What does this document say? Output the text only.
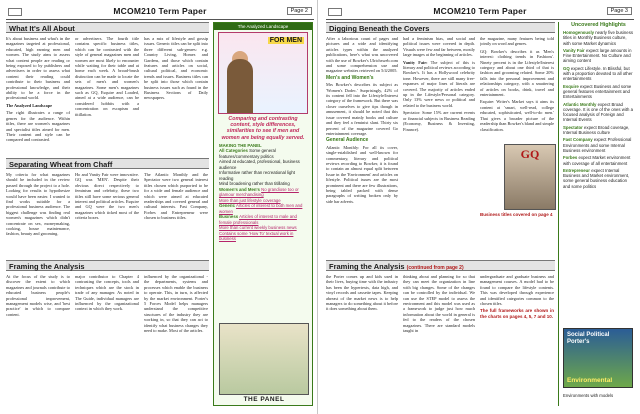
MCOM210 Term Paper	Page 2
What It's All About

It's about business and what's in the magazines targeted at professional, educated, high earning men and women. The study aims to assess what content people are reading or being exposed to by publishers and advertisers in order to assess what content their reading could contribute to their business and professional knowledge, and their ability to be a force in the professional world.

The Analyzed Landscape

The right illustrates a range of genres for the audience. Within titles, there are women's magazines and specialist titles aimed for men. Their content and style can be compared and contrasted.

or advertisers. The fourth title contains specific business titles, which can be contrasted with the style of general magazines men and women are most likely to encounter while waiting for their table and at home each week. A broad-brush distinction can be made to locate the sets of men's and women's magazines. Some men's magazines such as GQ, Esquire and Loaded, aimed at a wide audience, can be considered hobbits with a concentration on escapism and titillation.

has a mix of lifestyle and gossip issues. Generic titles can be split into three different sub-genres: e.g. Country Living, Homes and Gardens, and those which contain features and articles on social, cultural political, and economic trends and issues. Business titles can be split into those which contain business issues such as found in the Business Sections of Daily newspapers.

Separating Wheat from Chaff

My criteria for what magazines should be included in the review passed through the project to a hole. Looking for results to hypothesize would have been easier. I wanted to find works suitable for a professional business audience. The biggest challenge was finding real women's magazines which didn't concentrate on sex, moneymaking, cooking, house maintenance, fashion, beauty and grooming.

Ho and Vanity Fair were innovative. GQ was 'MEN'. Despite their obvious direct respectively to feminism and celebrity, these two titles still have some serious general interest and political articles. Esquire and GQ were the two men's magazines which ticked most of the criteria boxes.

The Atlantic Monthly and the Spectator were two general interest titles chosen which purported to be for a wide and female audience and which were aimed at educated readerships and covered general and cultural interests. Fast Company, Forbes and Entrepreneur were chosen to business titles.

Framing the Analysis

At the focus of the study is to discover the extent to which magazines and journals contribute to educated business people's professional improvement, management models wise, and 'best practice' in which to compare content.

major contributor to Chapter 4 contrasting the concepts, tools and techniques which are the stock in trade of any manager. As noted in The Guide, individual managers are influenced by the organizational context in which they work.

influenced by the organizational - the departments, systems and processes which enable the business to operate. This, in turn, is affected by the market environment. Porter's 5 Forces Model helps managers understand the competitive structures of the industry they are working in, so that they can act to identify what business changes they need to make. Most of the articles.

The Analyzed Landscape
FOR MEN
Comparing and contrasting content, style differences, similarities to see if men and women are being equally served.
MAKING THE PANEL
All Categories Some general features/commentary politics
Aimed at educated, professional, business audience
Informative rather than recreational light reading
Mind broadening rather than titillating
Women's and Men's No grandiose too or glamour merchandising
More than just lifestyle coverage
Generic Articles of interest to both men and women
Business Articles of interest to male and female professionals
More than current weekly business news
Contains some 'How To' textual work in business
THE PANEL
MCOM210 Term Paper	Page 3
Digging Beneath the Covers

After a laborious count of pages and pictures and a wide and identifying articles types within the analyzed publications, here's what was uncovered with the use of Bowker's Ulrichsweb.com and some comprehension use and magazine websites retrieved on 5/4/2005.

Men's and Women's

Mrs Bowker's describes its subject as 'Women's Dodec.' Surprisingly, 42% of its content fell into the Lifestyle/Interest category of the framework. But there was closer ourselves to give tips though in amusement, it should be noted that this issue covered mainly books and culture and they feel a feminist slant. Thirty six percent of the magazine covered Go entertainment coverage.

General Audience

Atlantic Monthly: For all its cover, single-established and well-known for commentary, literary and political reviews recording to Bowker, it is found to contain an almost equal split between Issue in the 'Environment' and articles on lifestyle. Political issues are the most prominent and there are few illustrations, being tabled packed with dense paragraphs of writing broken only by side bar adverts.

had a feminism bias, and social and political issues were covered in depth. Visuals were few and far between, mostly large images at the beginning of articles.

Vanity Fair: The subject of this is literary and political reviews according to Bowker's. It has a Hollywood celebrity tone. However, there are still many free-expanses of major lines of literals are covered. The majority of articles ended up in the Lifestyle/Personal category. Only 13% were news or political and related to the business world.

Spectator: Some 15% are current events or financial subjects in Business Reading (Economy, Business & Investing, Finance).

the magazine, many features being told jointly on word and genres.

GQ: Bowker's describes it as 'Men's interest: clothing trends in Fashions'. Ninety percent is in the Lifestyle/Interest category and about one third of that is fashion and grooming related. Some 20% falls into the personal improvement and relationships category, with a smattering of articles on books, drink, travel and entertainment.

Esquire: Writer's Market says it aims its content at 'smart, well-read, college educated, sophisticated, well-to-do men.' That gives a broader picture of the readership than Bowker's bland and simple classification.

GQ

Business titles covered on page 4

Framing the Analysis (continued from page 2)

the Porter comes up and kids used in their lives, buying time with the industry has been the hypertexts, data high, and vinyl records and cassette tapes. Keeping abreast of the market news is to help managers to do something about it before it does something about them.

thinking about and planning for so that they can meet the organization in line with big changes. Some of the changes can be controlled by the individual. We can use the STEP model to assess the environment and this model was used as a framework to judge just how much information about the world in general is fed to the readers of the chosen magazines. There are standard models taught in

undergraduate and graduate business and management courses. A model had to be found to compare the lifestyle contents. This was developed through experience and identified categories common to the chosen titles.

The full frameworks are shown in the charts on pages 4, 5, 7 and 10.

Uncovered Highlights
Homogenously nearly five business titles in Monthly Business culture, with some Market dynamics
Vanity Fair expect large amounts in Fine Entertainment. No Culture and aiming content
GQ expect Lifestyle. In Blissful, but with a proportion devoted to all other entertainments
Esquire expect Business and some general features entertainment and Entertainments
Atlantic Monthly expect Broad coverage. It is one of the ones with a focused analysis of Foreign and Internal Events
Spectator expect Broad coverage, Internal Business culture
Fast Company expect Professional Environments and some Internal Business environment
Forbes expect Market environment with coverage of all entertainment
Entrepreneur expect Internal Business and Market environment, some general business education and some politics
Social Political Porter's
Environmental
Environments with models
